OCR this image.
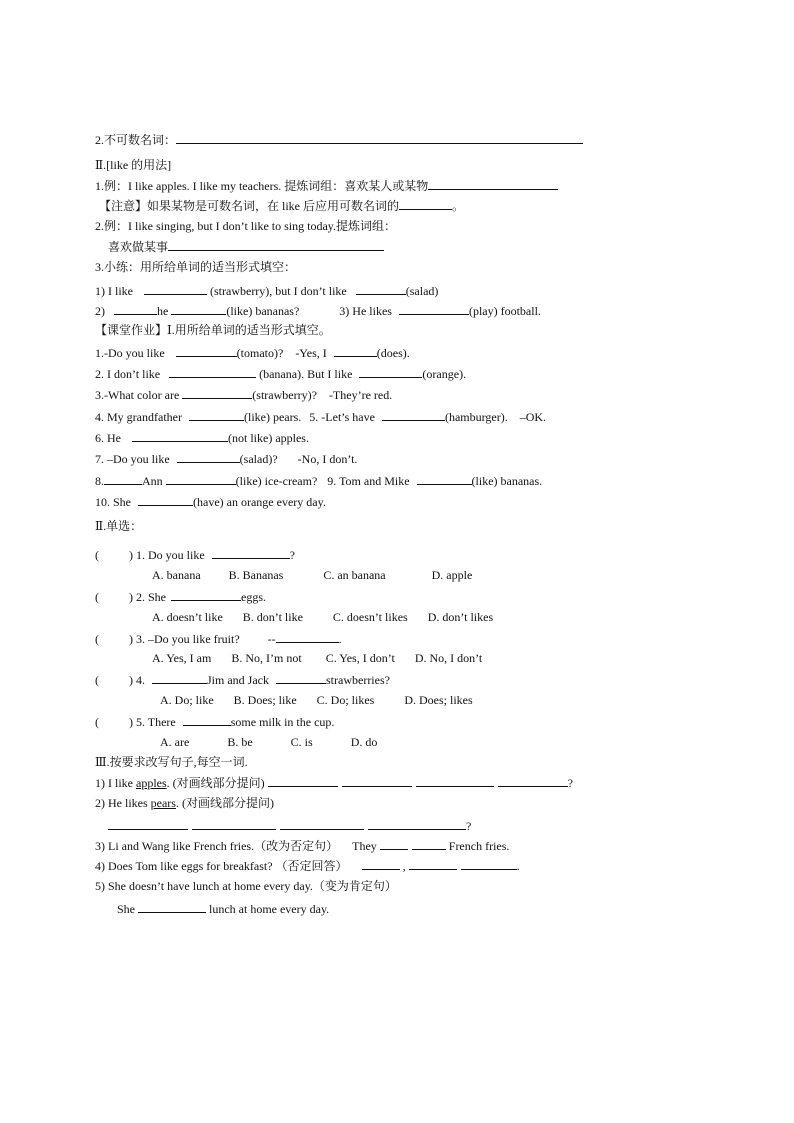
2.不可数名词：
Ⅱ.[like 的用法]
1.例：I like apples. I like my teachers. 提炼词组：喜欢某人或某物
【注意】如果某物是可数名词，在 like 后应用可数名词的	。
2.例：I like singing, but I don’t like to sing today.提炼词组：
喜欢做某事
3.小练：用所给单词的适当形式填空：
1) I like	(strawberry), but I don’t like	(salad)
2)	he	(like) bananas?	3) He likes	(play) football.
【课堂作业】Ⅰ.用所给单词的适当形式填空。
1.-Do you like	(tomato)? -Yes, I	(does).
2. I don’t like	(banana). But I like	(orange).
3.-What color are	(strawberry)? -They’re red.
4. My grandfather	(like) pears. 5. -Let’s have	(hamburger). –OK.
6. He	(not like) apples.
7. –Do you like	(salad)? -No, I don’t.
8.	Ann	(like) ice-cream? 9. Tom and Mike	(like) bananas.
10. She	(have) an orange every day.
Ⅱ.单选：
(	) 1. Do you like	?
A. banana B. Bananas	C. an banana	D. apple
(	) 2. She	eggs.
A. doesn’t like B. don’t like	C. doesn’t likes D. don’t likes
(	) 3. –Do you like fruit? --	.
A. Yes, I am B. No, I’m not C. Yes, I don’t D. No, I don’t
(	) 4.	Jim and Jack	strawberries?
A. Do; like B. Does; like C. Do; likes	D. Does; likes
(	) 5. There	some milk in the cup.
A. are	B. be	C. is	D. do
Ⅲ.按要求改写句子,每空一词.
1) I like apples. (对画线部分提问)	?
2) He likes pears. (对画线部分提问)
?
3) Li and Wang like French fries.（改为否定句） They	French fries.
4) Does Tom like eggs for breakfast? （否定回答）	,	.
5) She doesn’t have lunch at home every day.（变为肯定句）
She	lunch at home every day.
